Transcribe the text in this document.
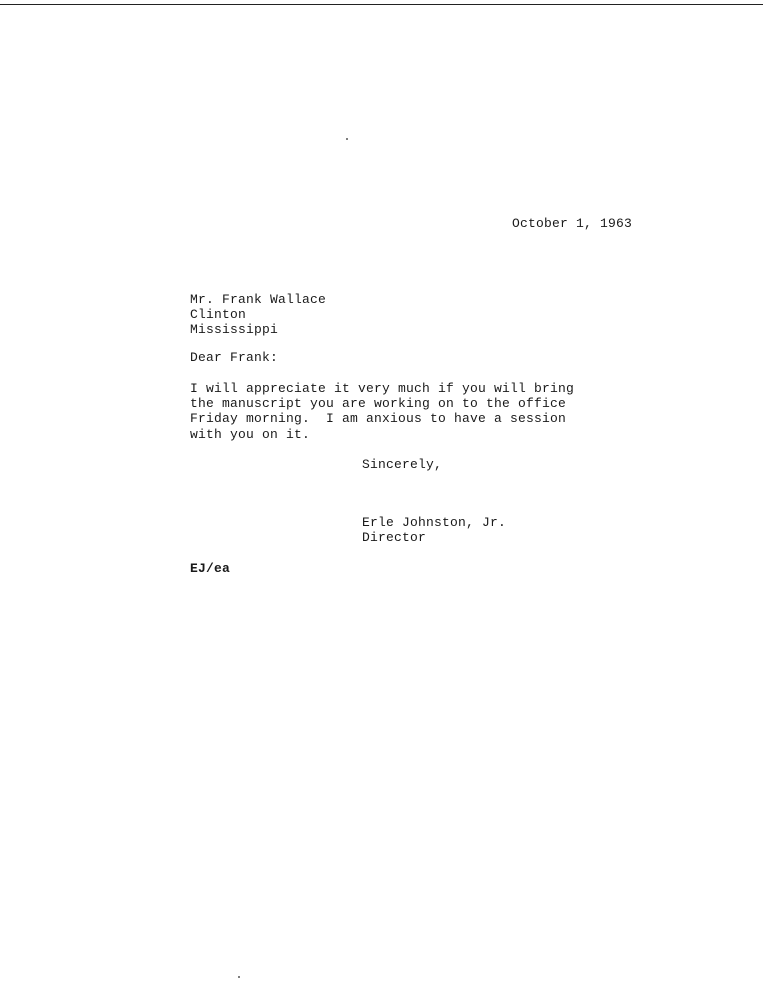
October 1, 1963
Mr. Frank Wallace
Clinton
Mississippi
Dear Frank:
I will appreciate it very much if you will bring
the manuscript you are working on to the office
Friday morning.  I am anxious to have a session
with you on it.
Sincerely,
Erle Johnston, Jr.
Director
EJ/ea
